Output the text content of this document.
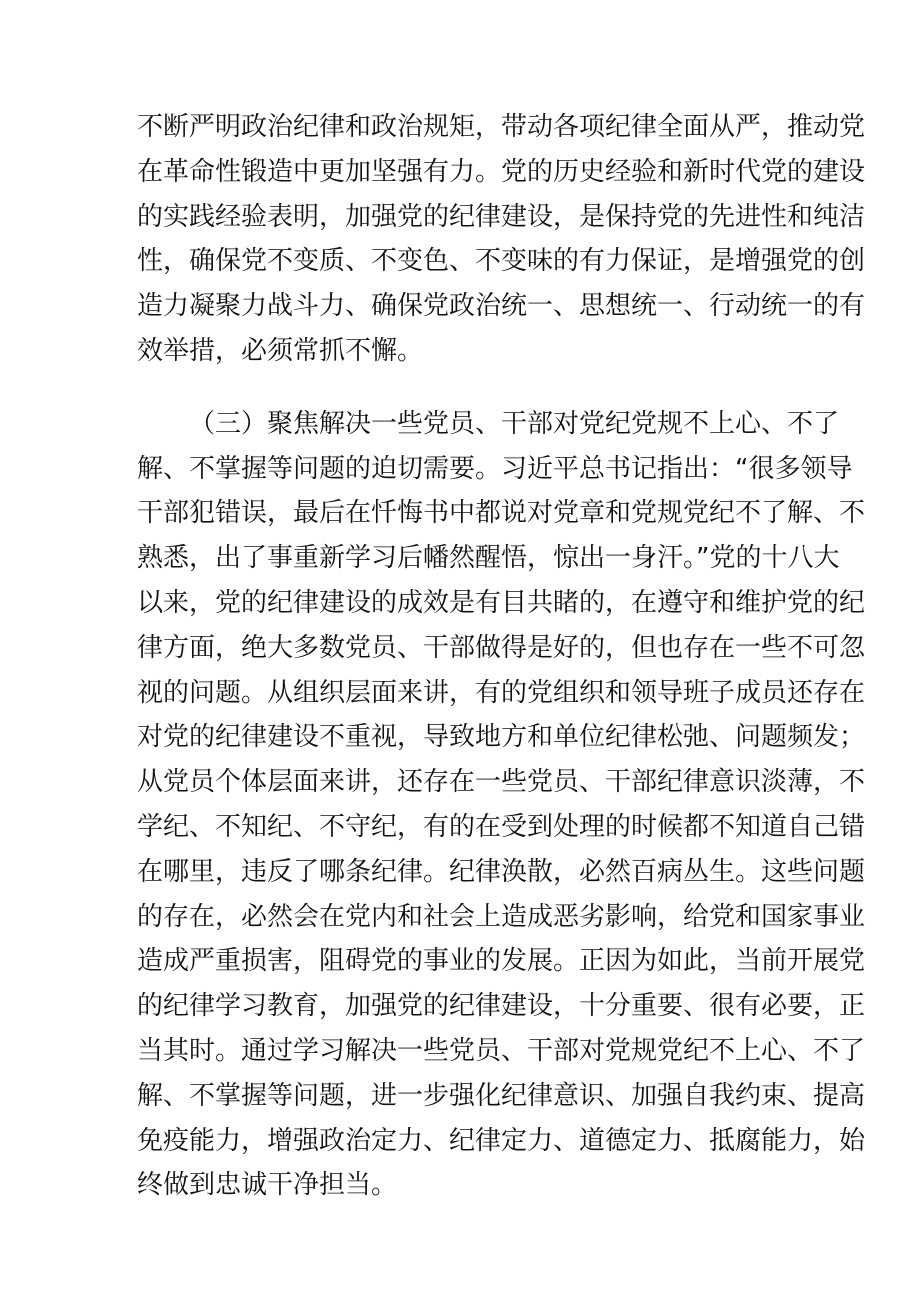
不断严明政治纪律和政治规矩，带动各项纪律全面从严，推动党
在革命性锻造中更加坚强有力。党的历史经验和新时代党的建设
的实践经验表明，加强党的纪律建设，是保持党的先进性和纯洁
性，确保党不变质、不变色、不变味的有力保证，是增强党的创
造力凝聚力战斗力、确保党政治统一、思想统一、行动统一的有
效举措，必须常抓不懈。

（三）聚焦解决一些党员、干部对党纪党规不上心、不了
解、不掌握等问题的迫切需要。习近平总书记指出：“很多领导
干部犯错误，最后在忏悔书中都说对党章和党规党纪不了解、不
熟悉，出了事重新学习后幡然醒悟，惊出一身汗。”党的十八大
以来，党的纪律建设的成效是有目共睹的，在遵守和维护党的纪
律方面，绝大多数党员、干部做得是好的，但也存在一些不可忽
视的问题。从组织层面来讲，有的党组织和领导班子成员还存在
对党的纪律建设不重视，导致地方和单位纪律松弛、问题频发；
从党员个体层面来讲，还存在一些党员、干部纪律意识淡薄，不
学纪、不知纪、不守纪，有的在受到处理的时候都不知道自己错
在哪里，违反了哪条纪律。纪律涣散，必然百病丛生。这些问题
的存在，必然会在党内和社会上造成恶劣影响，给党和国家事业
造成严重损害，阻碍党的事业的发展。正因为如此，当前开展党
的纪律学习教育，加强党的纪律建设，十分重要、很有必要，正
当其时。通过学习解决一些党员、干部对党规党纪不上心、不了
解、不掌握等问题，进一步强化纪律意识、加强自我约束、提高
免疫能力，增强政治定力、纪律定力、道德定力、抵腐能力，始
终做到忠诚干净担当。
